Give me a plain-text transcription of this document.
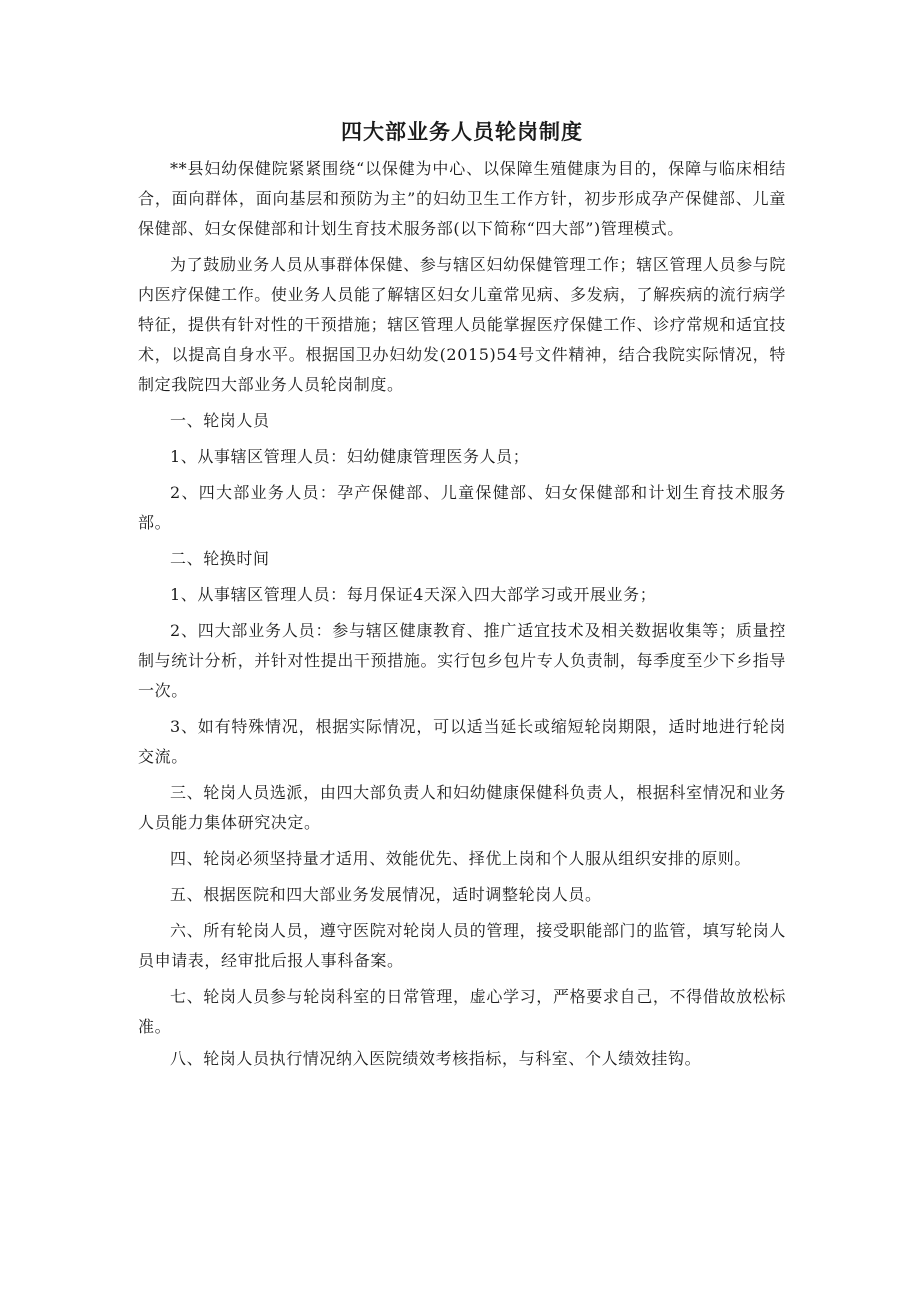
四大部业务人员轮岗制度

**县妇幼保健院紧紧围绕“以保健为中心、以保障生殖健康为目的，保障与临床相结合，面向群体，面向基层和预防为主”的妇幼卫生工作方针，初步形成孕产保健部、儿童保健部、妇女保健部和计划生育技术服务部(以下简称“四大部”)管理模式。

为了鼓励业务人员从事群体保健、参与辖区妇幼保健管理工作；辖区管理人员参与院内医疗保健工作。使业务人员能了解辖区妇女儿童常见病、多发病，了解疾病的流行病学特征，提供有针对性的干预措施；辖区管理人员能掌握医疗保健工作、诊疗常规和适宜技术，以提高自身水平。根据国卫办妇幼发(2015)54号文件精神，结合我院实际情况，特制定我院四大部业务人员轮岗制度。

一、轮岗人员

1、从事辖区管理人员：妇幼健康管理医务人员；

2、四大部业务人员：孕产保健部、儿童保健部、妇女保健部和计划生育技术服务部。

二、轮换时间

1、从事辖区管理人员：每月保证4天深入四大部学习或开展业务；

2、四大部业务人员：参与辖区健康教育、推广适宜技术及相关数据收集等；质量控制与统计分析，并针对性提出干预措施。实行包乡包片专人负责制，每季度至少下乡指导一次。

3、如有特殊情况，根据实际情况，可以适当延长或缩短轮岗期限，适时地进行轮岗交流。

三、轮岗人员选派，由四大部负责人和妇幼健康保健科负责人，根据科室情况和业务人员能力集体研究决定。

四、轮岗必须坚持量才适用、效能优先、择优上岗和个人服从组织安排的原则。

五、根据医院和四大部业务发展情况，适时调整轮岗人员。

六、所有轮岗人员，遵守医院对轮岗人员的管理，接受职能部门的监管，填写轮岗人员申请表，经审批后报人事科备案。

七、轮岗人员参与轮岗科室的日常管理，虚心学习，严格要求自己，不得借故放松标准。

八、轮岗人员执行情况纳入医院绩效考核指标，与科室、个人绩效挂钩。
